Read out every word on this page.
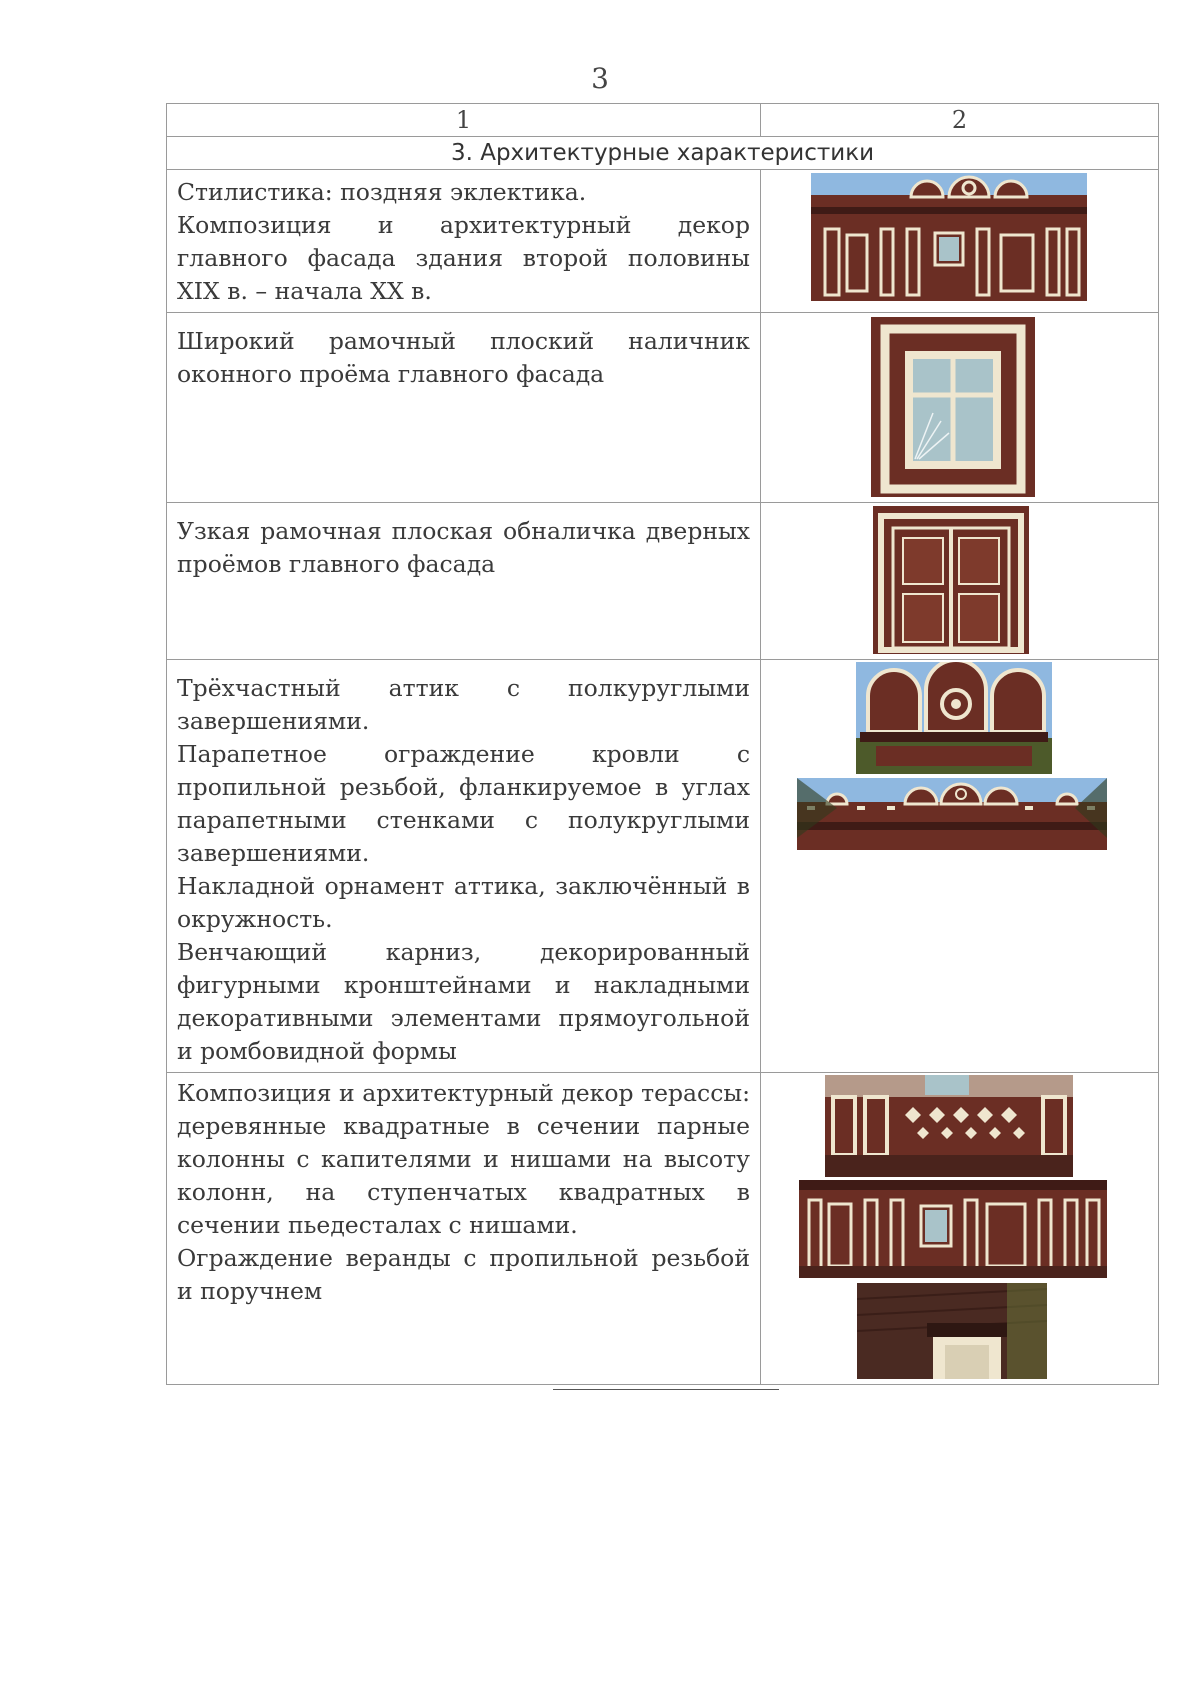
3
1	2
3. Архитектурные характеристики	

Стилистика: поздняя эклектика.

Композиция и архитектурный декор главного фасада здания второй половины XIX в. – начала XX в.

Широкий рамочный плоский наличник оконного проёма главного фасада

Узкая рамочная плоская обналичка дверных проёмов главного фасада

Трёхчастный аттик с полкуруглыми завершениями.

Парапетное ограждение кровли с пропильной резьбой, фланкируемое в углах парапетными стенками с полукруглыми завершениями.

Накладной орнамент аттика, заключённый в окружность.

Венчающий карниз, декорированный фигурными кронштейнами и накладными декоративными элементами прямоугольной и ромбовидной формы

Композиция и архитектурный декор терассы: деревянные квадратные в сечении парные колонны с капителями и нишами на высоту колонн, на ступенчатых квадратных в сечении пьедесталах с нишами.

Ограждение веранды с пропильной резьбой и поручнем
